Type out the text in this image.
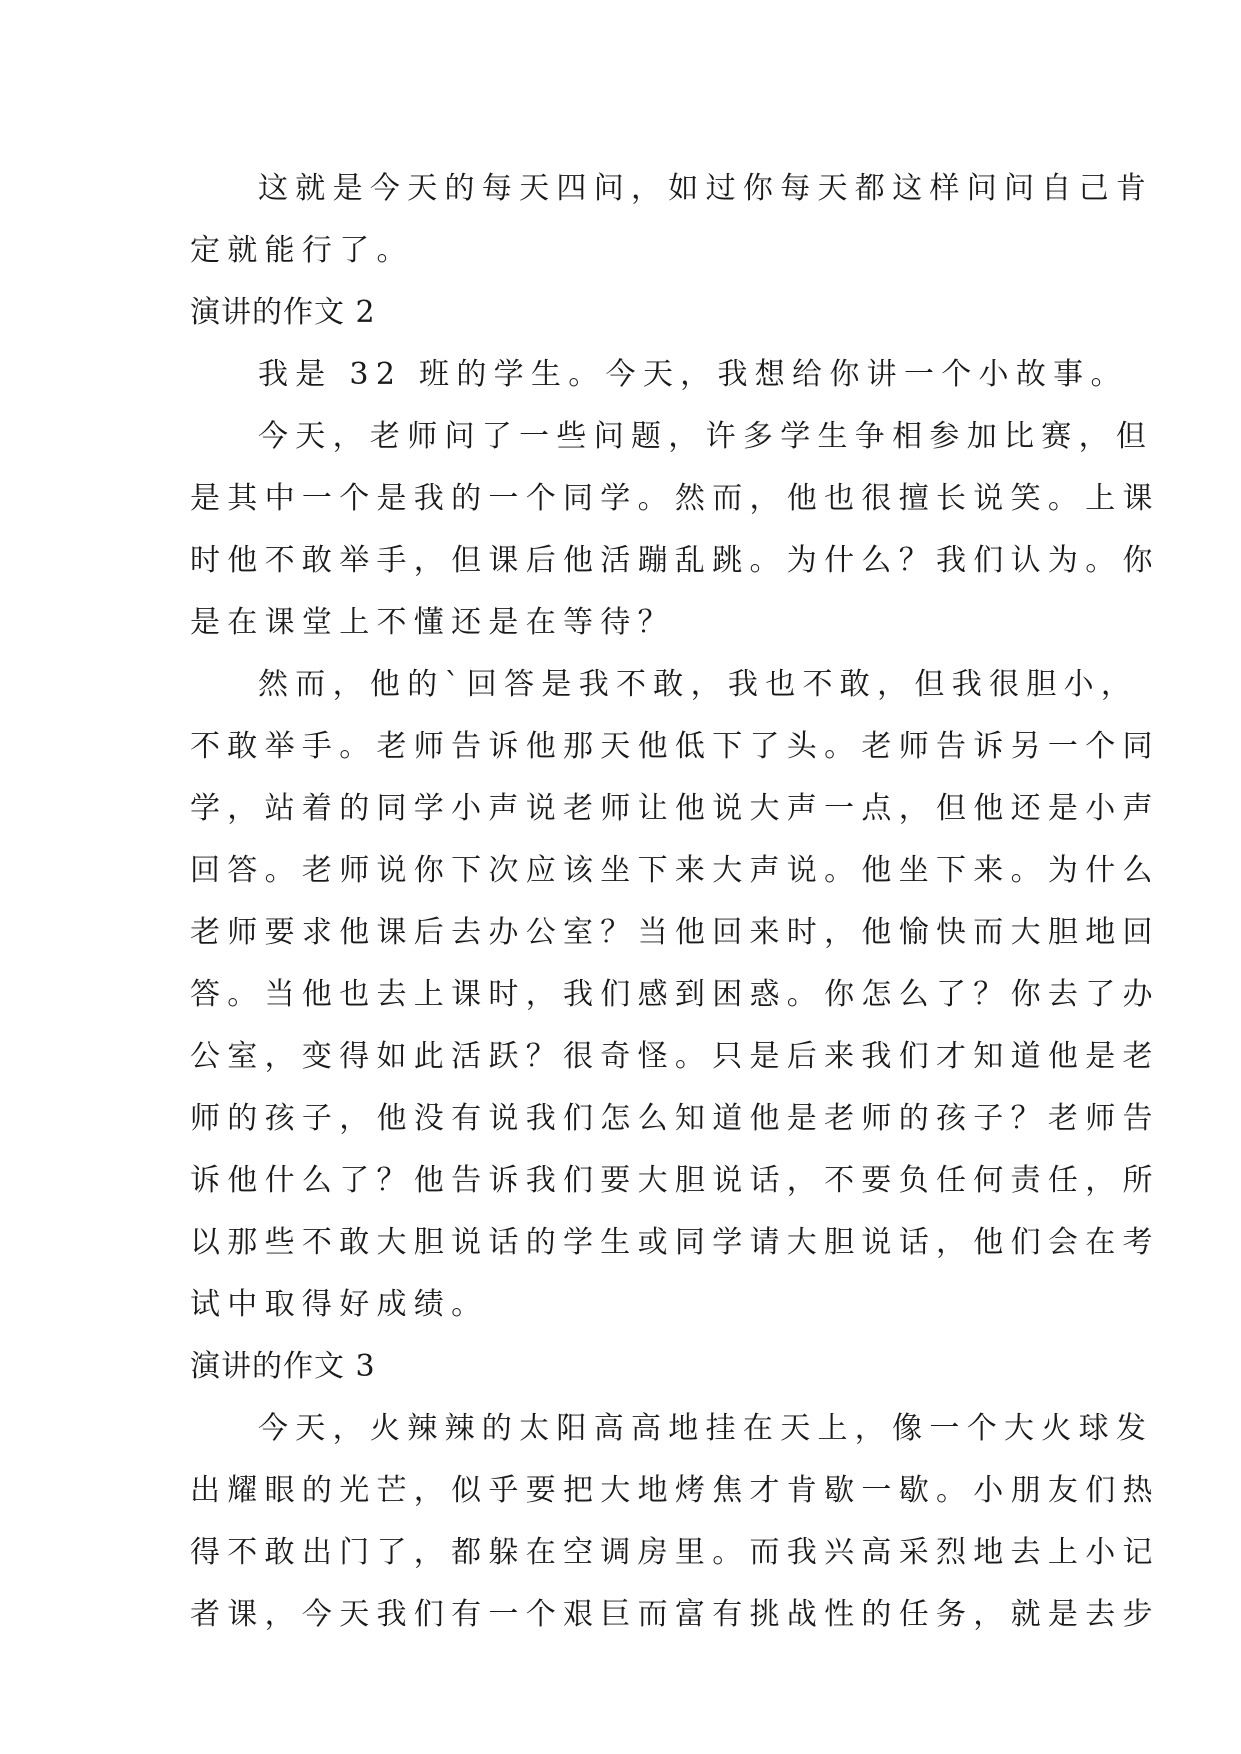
这就是今天的每天四问，如过你每天都这样问问自己肯
定就能行了。
演讲的作文 2
我是 32 班的学生。今天，我想给你讲一个小故事。
今天，老师问了一些问题，许多学生争相参加比赛，但
是其中一个是我的一个同学。然而，他也很擅长说笑。上课
时他不敢举手，但课后他活蹦乱跳。为什么？我们认为。你
是在课堂上不懂还是在等待？
然而，他的`回答是我不敢，我也不敢，但我很胆小，
不敢举手。老师告诉他那天他低下了头。老师告诉另一个同
学，站着的同学小声说老师让他说大声一点，但他还是小声
回答。老师说你下次应该坐下来大声说。他坐下来。为什么
老师要求他课后去办公室？当他回来时，他愉快而大胆地回
答。当他也去上课时，我们感到困惑。你怎么了？你去了办
公室，变得如此活跃？很奇怪。只是后来我们才知道他是老
师的孩子，他没有说我们怎么知道他是老师的孩子？老师告
诉他什么了？他告诉我们要大胆说话，不要负任何责任，所
以那些不敢大胆说话的学生或同学请大胆说话，他们会在考
试中取得好成绩。
演讲的作文 3
今天，火辣辣的太阳高高地挂在天上，像一个大火球发
出耀眼的光芒，似乎要把大地烤焦才肯歇一歇。小朋友们热
得不敢出门了，都躲在空调房里。而我兴高采烈地去上小记
者课，今天我们有一个艰巨而富有挑战性的任务，就是去步
